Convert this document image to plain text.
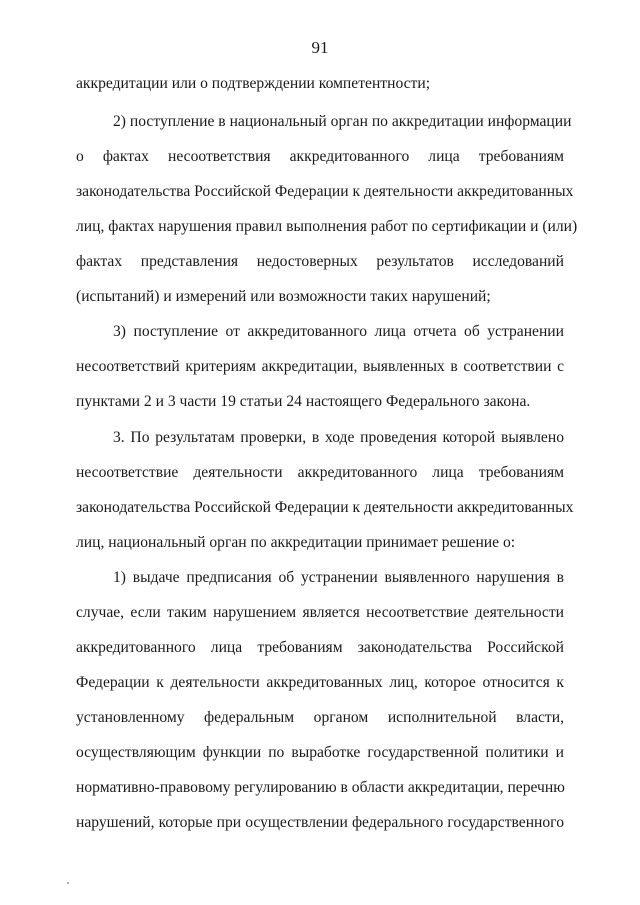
91
аккредитации или о подтверждении компетентности;
2) поступление в национальный орган по аккредитации информации
о фактах несоответствия аккредитованного лица требованиям
законодательства Российской Федерации к деятельности аккредитованных
лиц, фактах нарушения правил выполнения работ по сертификации и (или)
фактах представления недостоверных результатов исследований
(испытаний) и измерений или возможности таких нарушений;
3) поступление от аккредитованного лица отчета об устранении
несоответствий критериям аккредитации, выявленных в соответствии с
пунктами 2 и 3 части 19 статьи 24 настоящего Федерального закона.
3. По результатам проверки, в ходе проведения которой выявлено
несоответствие деятельности аккредитованного лица требованиям
законодательства Российской Федерации к деятельности аккредитованных
лиц, национальный орган по аккредитации принимает решение о:
1) выдаче предписания об устранении выявленного нарушения в
случае, если таким нарушением является несоответствие деятельности
аккредитованного лица требованиям законодательства Российской
Федерации к деятельности аккредитованных лиц, которое относится к
установленному федеральным органом исполнительной власти,
осуществляющим функции по выработке государственной политики и
нормативно-правовому регулированию в области аккредитации, перечню
нарушений, которые при осуществлении федерального государственного
